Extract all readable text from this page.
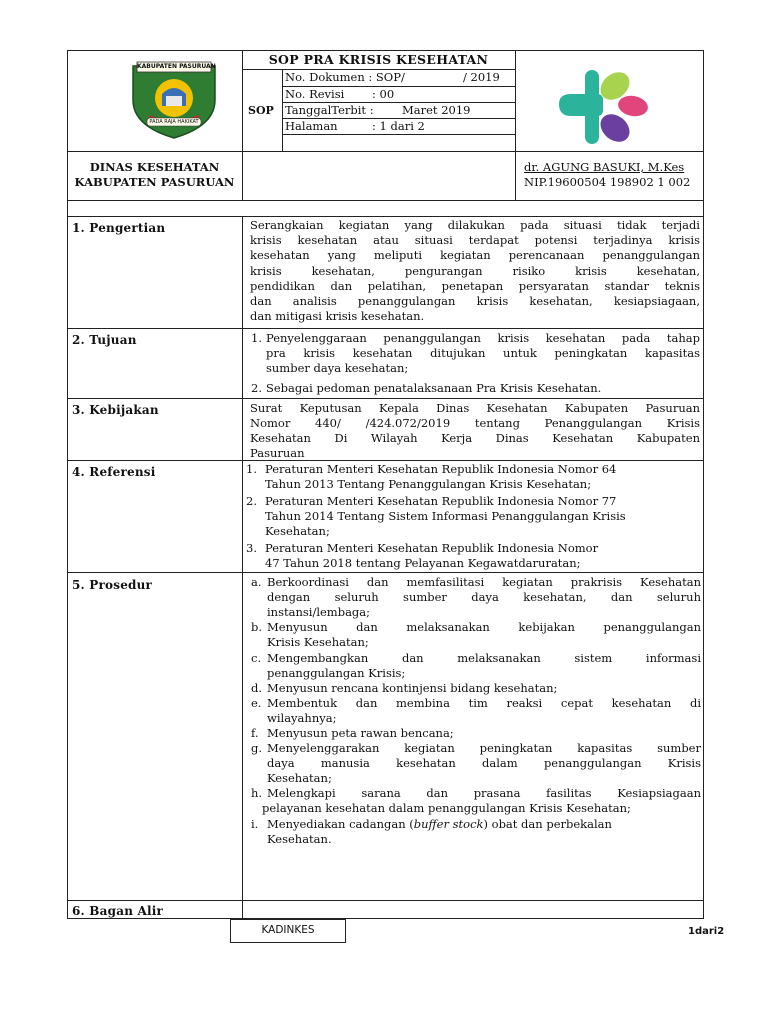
KABUPATEN PASURUAN
PADA RAJA HAKIKAT
SOP PRA KRISIS KESEHATAN
SOP
No. Dokumen : SOP/	/ 2019
No. Revisi : 00
TanggalTerbit : Maret 2019
Halaman	: 1 dari 2
DINAS KESEHATAN
KABUPATEN PASURUAN
dr. AGUNG BASUKI, M.Kes
NIP.19600504 198902 1 002
1. Pengertian	Serangkaian kegiatan yang dilakukan pada situasi tidak terjadi
krisis kesehatan atau situasi terdapat potensi terjadinya krisis
kesehatan yang meliputi kegiatan perencanaan penanggulangan
krisis kesehatan, pengurangan risiko krisis kesehatan,
pendidikan dan pelatihan, penetapan persyaratan standar teknis
dan analisis penanggulangan krisis kesehatan, kesiapsiagaan,
dan mitigasi krisis kesehatan.
2. Tujuan	1. Penyelenggaraan penanggulangan krisis kesehatan pada tahap
pra krisis kesehatan ditujukan untuk peningkatan kapasitas
sumber daya kesehatan;
2. Sebagai pedoman penatalaksanaan Pra Krisis Kesehatan.
3. Kebijakan	Surat Keputusan Kepala Dinas Kesehatan Kabupaten Pasuruan
Nomor 440/ /424.072/2019 tentang Penanggulangan Krisis
Kesehatan Di Wilayah Kerja Dinas Kesehatan Kabupaten
Pasuruan
4. Referensi	1. Peraturan Menteri Kesehatan Republik Indonesia Nomor 64
Tahun 2013 Tentang Penanggulangan Krisis Kesehatan;
2. Peraturan Menteri Kesehatan Republik Indonesia Nomor 77
Tahun 2014 Tentang Sistem Informasi Penanggulangan Krisis
Kesehatan;
3. Peraturan Menteri Kesehatan Republik Indonesia Nomor
47 Tahun 2018 tentang Pelayanan Kegawatdaruratan;
5. Prosedur	a. Berkoordinasi dan memfasilitasi kegiatan prakrisis Kesehatan
dengan seluruh sumber daya kesehatan, dan seluruh
instansi/lembaga;
b. Menyusun dan melaksanakan kebijakan penanggulangan
Krisis Kesehatan;
c. Mengembangkan dan melaksanakan sistem informasi
penanggulangan Krisis;
d. Menyusun rencana kontinjensi bidang kesehatan;
e. Membentuk dan membina tim reaksi cepat kesehatan di
wilayahnya;
f. Menyusun peta rawan bencana;
g. Menyelenggarakan kegiatan peningkatan kapasitas sumber
daya manusia kesehatan dalam penanggulangan Krisis
Kesehatan;
h. Melengkapi sarana dan prasana fasilitas Kesiapsiagaan
pelayanan kesehatan dalam penanggulangan Krisis Kesehatan;
i. Menyediakan cadangan (buffer stock) obat dan perbekalan
Kesehatan.
6. Bagan Alir
KADINKES	1dari2
